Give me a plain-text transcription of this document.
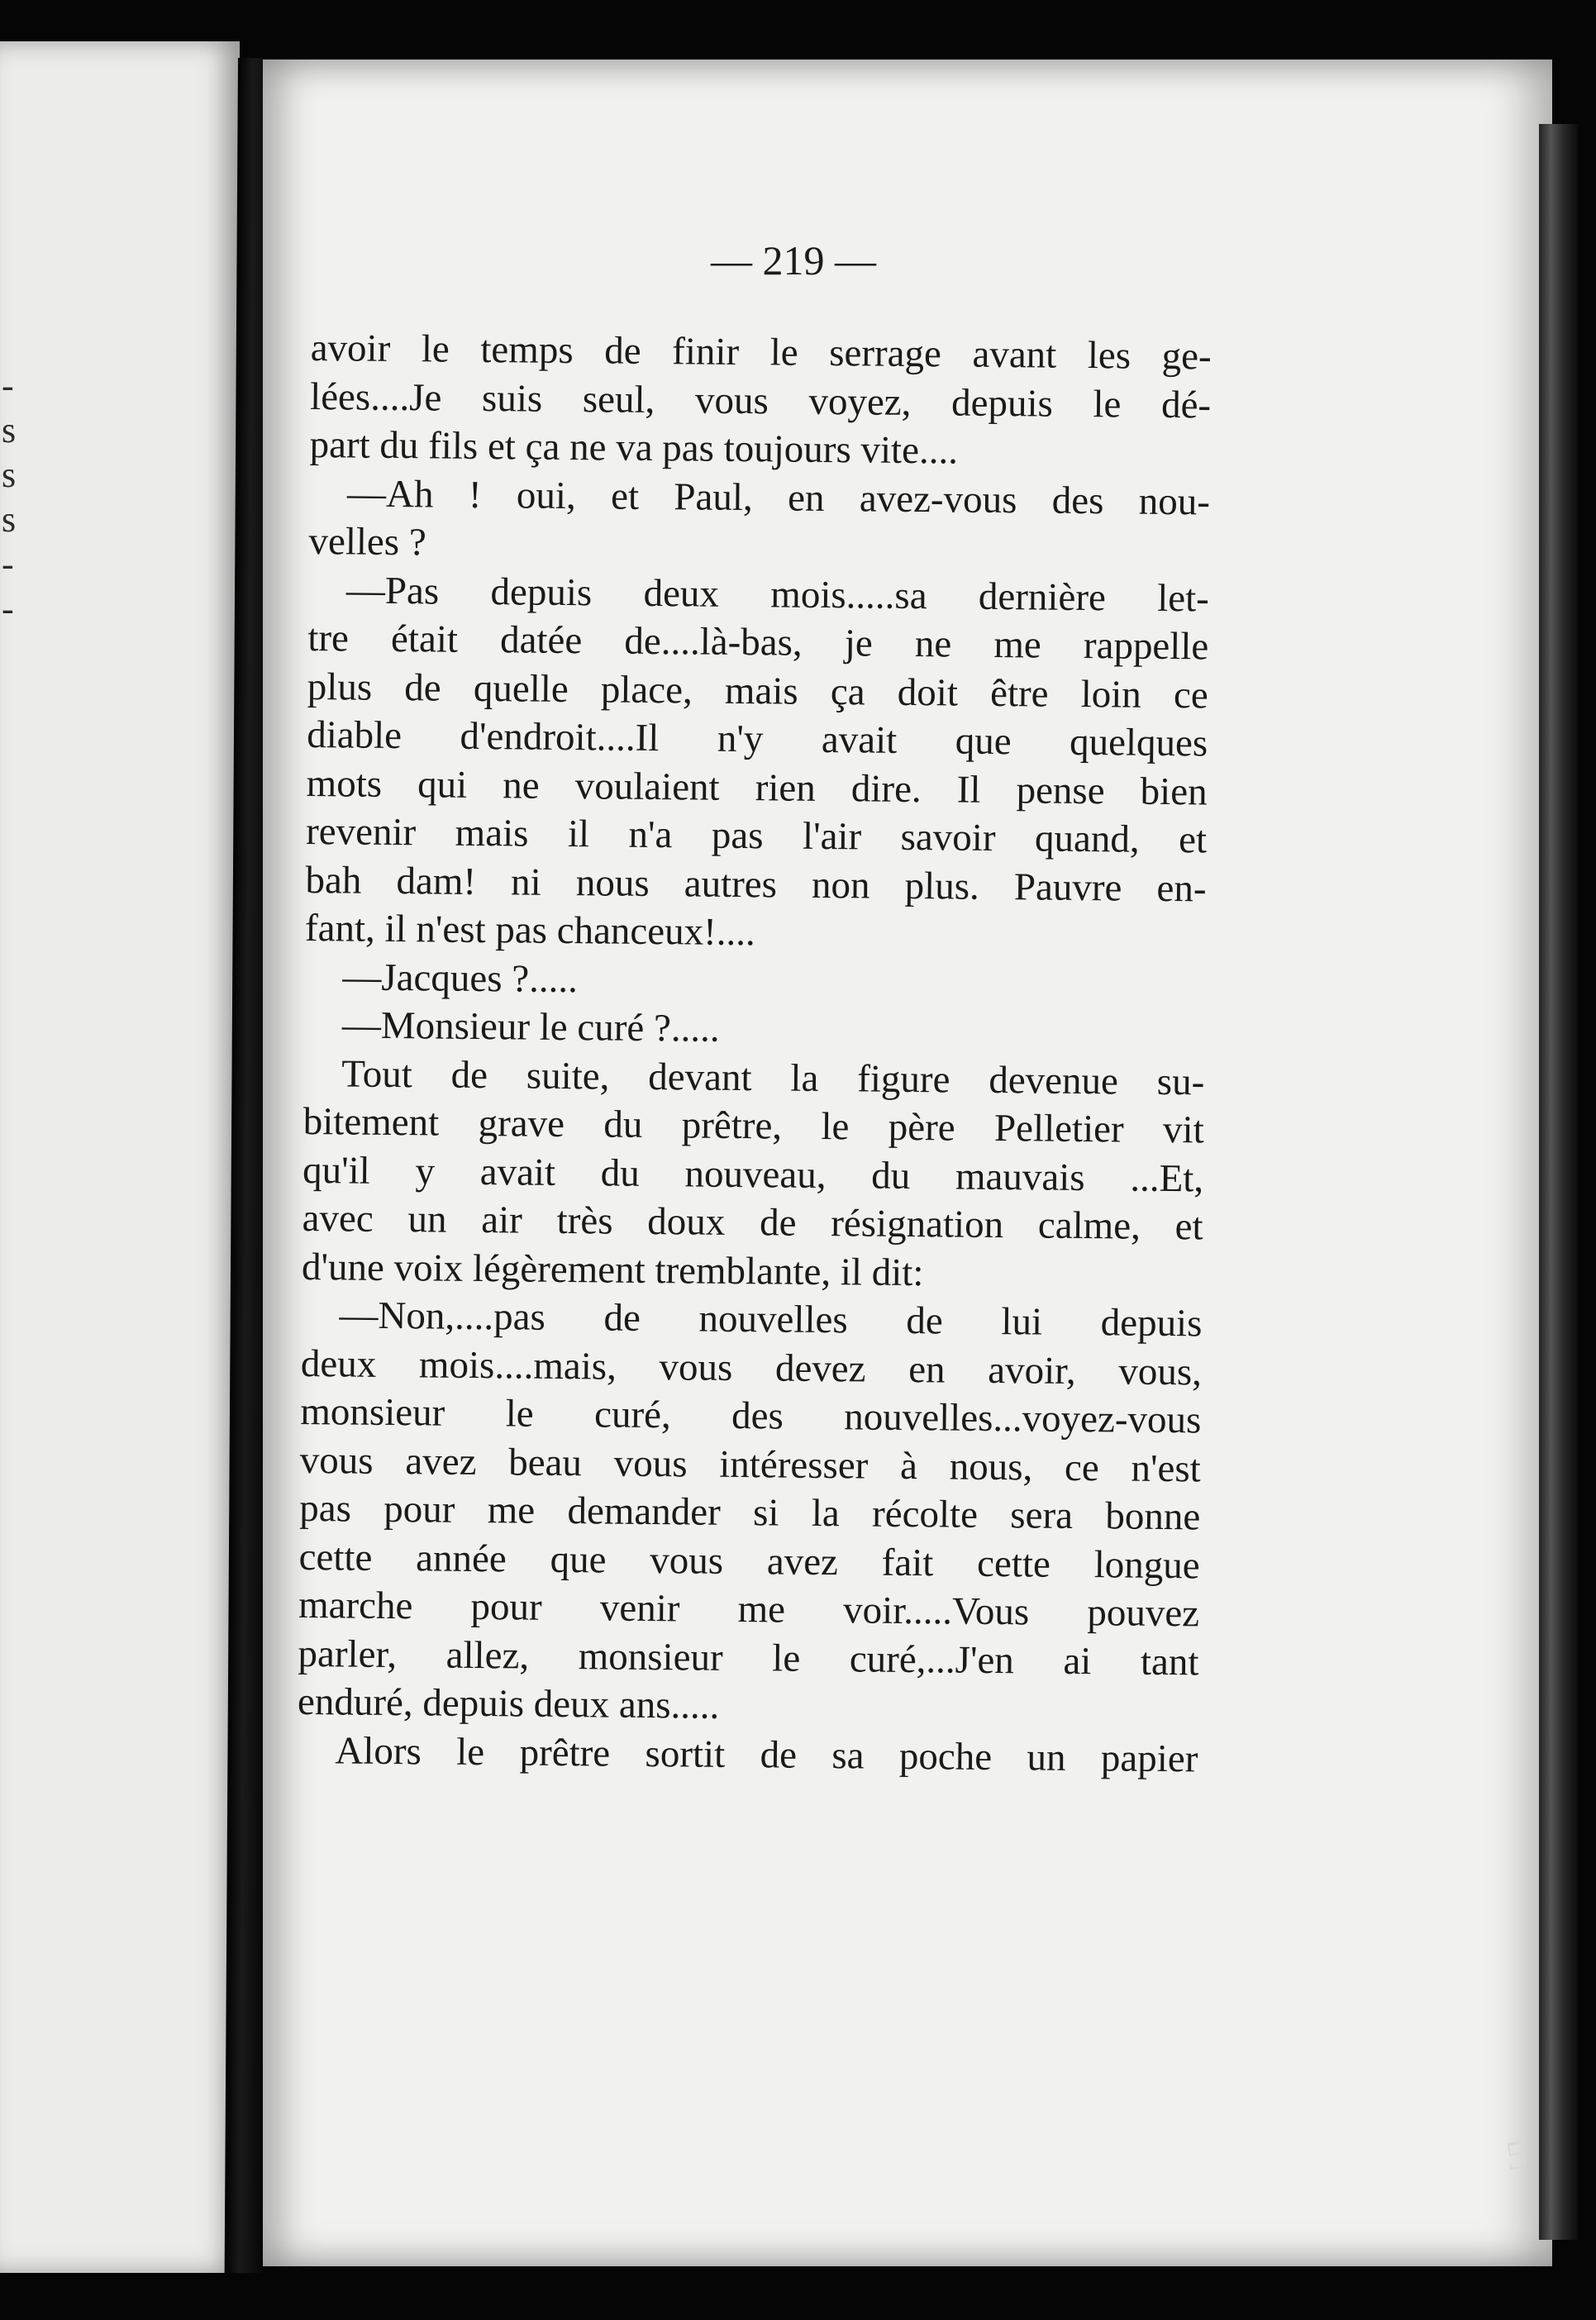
-
s
s
s
-
-
— 219 —
avoir le temps de finir le serrage avant les ge-
lées....Je suis seul, vous voyez, depuis le dé-
part du fils et ça ne va pas toujours vite....
—Ah ! oui, et Paul, en avez-vous des nou-
velles ?
—Pas depuis deux mois.....sa dernière let-
tre était datée de....là-bas, je ne me rappelle
plus de quelle place, mais ça doit être loin ce
diable d'endroit....Il n'y avait que quelques
mots qui ne voulaient rien dire. Il pense bien
revenir mais il n'a pas l'air savoir quand, et
bah dam! ni nous autres non plus. Pauvre en-
fant, il n'est pas chanceux!....
—Jacques ?.....
—Monsieur le curé ?.....
Tout de suite, devant la figure devenue su-
bitement grave du prêtre, le père Pelletier vit
qu'il y avait du nouveau, du mauvais ...Et,
avec un air très doux de résignation calme, et
d'une voix légèrement tremblante, il dit:
—Non,....pas de nouvelles de lui depuis
deux mois....mais, vous devez en avoir, vous,
monsieur le curé, des nouvelles...voyez-vous
vous avez beau vous intéresser à nous, ce n'est
pas pour me demander si la récolte sera bonne
cette année que vous avez fait cette longue
marche pour venir me voir.....Vous pouvez
parler, allez, monsieur le curé,...J'en ai tant
enduré, depuis deux ans.....
Alors le prêtre sortit de sa poche un papier
5
